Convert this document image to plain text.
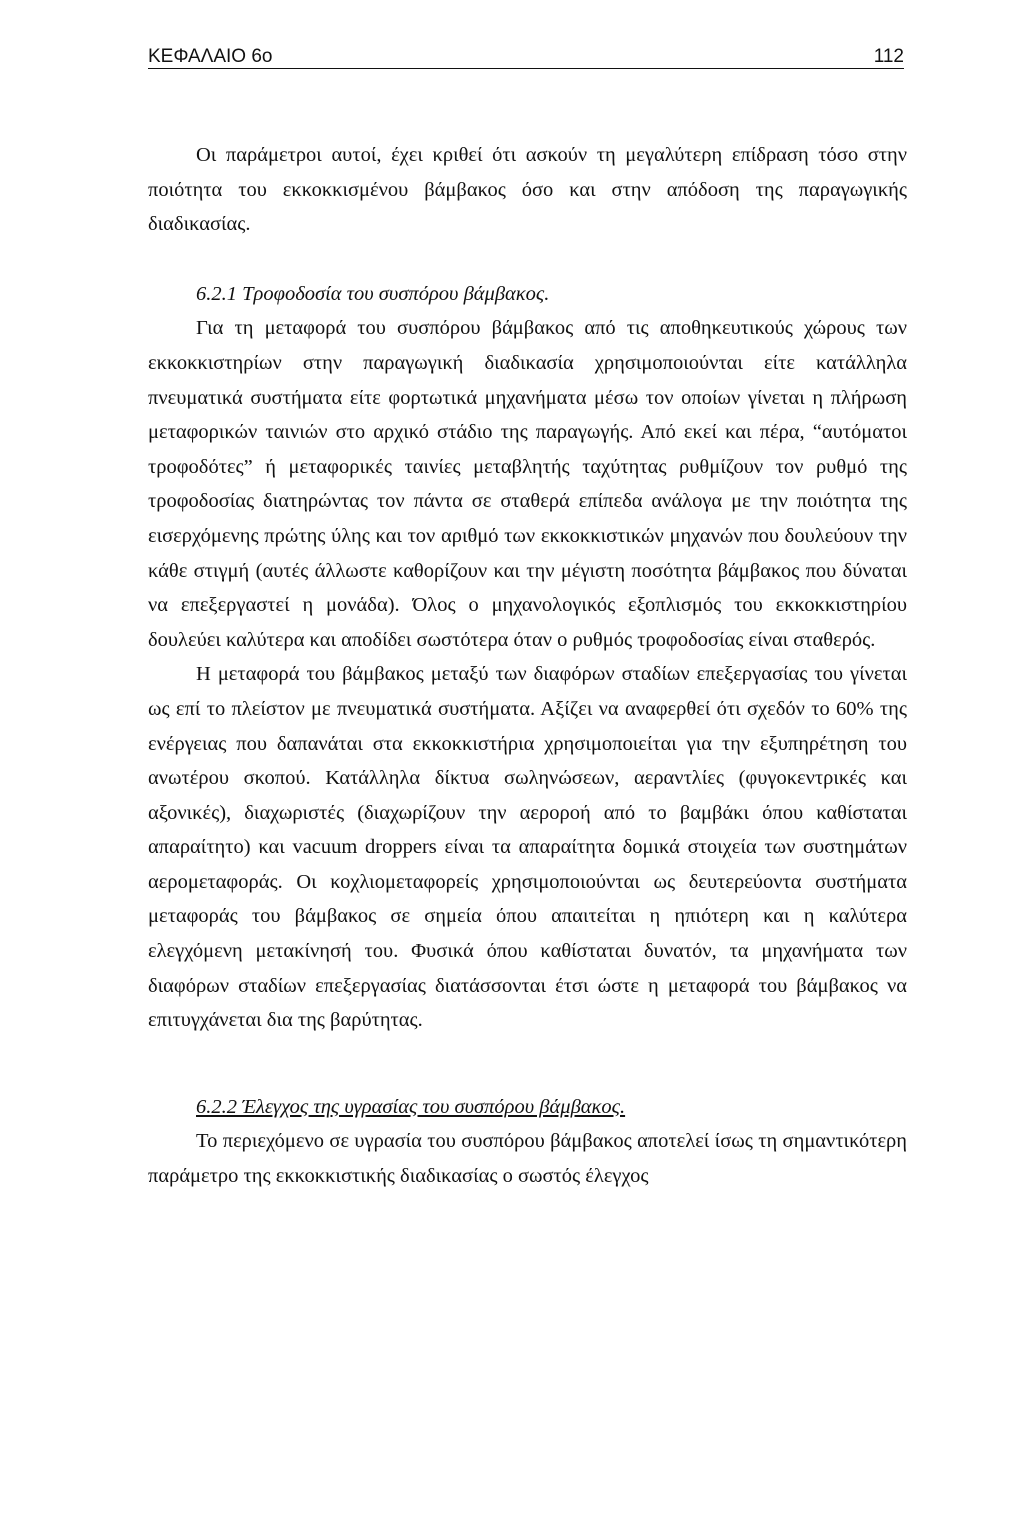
ΚΕΦΑΛΑΙΟ 6ο	112

Οι παράμετροι αυτοί, έχει κριθεί ότι ασκούν τη μεγαλύτερη επίδραση τόσο στην ποιότητα του εκκοκκισμένου βάμβακος όσο και στην απόδοση της παραγωγικής διαδικασίας.

6.2.1 Τροφοδοσία του συσπόρου βάμβακος.

Για τη μεταφορά του συσπόρου βάμβακος από τις αποθηκευτικούς χώρους των εκκοκκιστηρίων στην παραγωγική διαδικασία χρησιμοποιούνται είτε κατάλληλα πνευματικά συστήματα είτε φορτωτικά μηχανήματα μέσω τον οποίων γίνεται η πλήρωση μεταφορικών ταινιών στο αρχικό στάδιο της παραγωγής. Από εκεί και πέρα, “αυτόματοι τροφοδότες” ή μεταφορικές ταινίες μεταβλητής ταχύτητας ρυθμίζουν τον ρυθμό της τροφοδοσίας διατηρώντας τον πάντα σε σταθερά επίπεδα ανάλογα με την ποιότητα της εισερχόμενης πρώτης ύλης και τον αριθμό των εκκοκκιστικών μηχανών που δουλεύουν την κάθε στιγμή (αυτές άλλωστε καθορίζουν και την μέγιστη ποσότητα βάμβακος που δύναται να επεξεργαστεί η μονάδα). Όλος ο μηχανολογικός εξοπλισμός του εκκοκκιστηρίου δουλεύει καλύτερα και αποδίδει σωστότερα όταν ο ρυθμός τροφοδοσίας είναι σταθερός.

Η μεταφορά του βάμβακος μεταξύ των διαφόρων σταδίων επεξεργασίας του γίνεται ως επί το πλείστον με πνευματικά συστήματα. Αξίζει να αναφερθεί ότι σχεδόν το 60% της ενέργειας που δαπανάται στα εκκοκκιστήρια χρησιμοποιείται για την εξυπηρέτηση του ανωτέρου σκοπού. Κατάλληλα δίκτυα σωληνώσεων, αεραντλίες (φυγοκεντρικές και αξονικές), διαχωριστές (διαχωρίζουν την αεροροή από το βαμβάκι όπου καθίσταται απαραίτητο) και vacuum droppers είναι τα απαραίτητα δομικά στοιχεία των συστημάτων αερομεταφοράς. Οι κοχλιομεταφορείς χρησιμοποιούνται ως δευτερεύοντα συστήματα μεταφοράς του βάμβακος σε σημεία όπου απαιτείται η ηπιότερη και η καλύτερα ελεγχόμενη μετακίνησή του. Φυσικά όπου καθίσταται δυνατόν, τα μηχανήματα των διαφόρων σταδίων επεξεργασίας διατάσσονται έτσι ώστε η μεταφορά του βάμβακος να επιτυγχάνεται δια της βαρύτητας.

6.2.2 Έλεγχος της υγρασίας του συσπόρου βάμβακος.

Το περιεχόμενο σε υγρασία του συσπόρου βάμβακος αποτελεί ίσως τη σημαντικότερη παράμετρο της εκκοκκιστικής διαδικασίας ο σωστός έλεγχος
